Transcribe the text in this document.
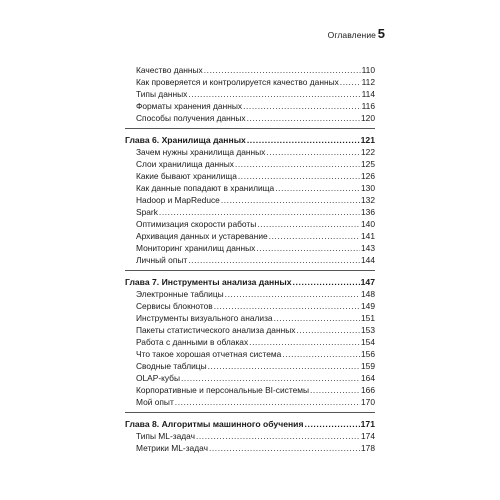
Оглавление 5
Качество данных .....	110
Как проверяется и контролируется качество данных .....	112
Типы данных .....	114
Форматы хранения данных .....	116
Способы получения данных .....	120
Глава 6. Хранилища данных .....	121
Зачем нужны хранилища данных .....	122
Слои хранилища данных .....	125
Какие бывают хранилища .....	126
Как данные попадают в хранилища .....	130
Hadoop и MapReduce .....	132
Spark .....	136
Оптимизация скорости работы .....	140
Архивация данных и устаревание .....	141
Мониторинг хранилищ данных .....	143
Личный опыт .....	144
Глава 7. Инструменты анализа данных .....	147
Электронные таблицы .....	148
Сервисы блокнотов .....	149
Инструменты визуального анализа .....	151
Пакеты статистического анализа данных .....	153
Работа с данными в облаках .....	154
Что такое хорошая отчетная система .....	156
Сводные таблицы .....	159
OLAP-кубы .....	164
Корпоративные и персональные BI-системы .....	166
Мой опыт .....	170
Глава 8. Алгоритмы машинного обучения .....	171
Типы ML-задач .....	174
Метрики ML-задач .....	178
